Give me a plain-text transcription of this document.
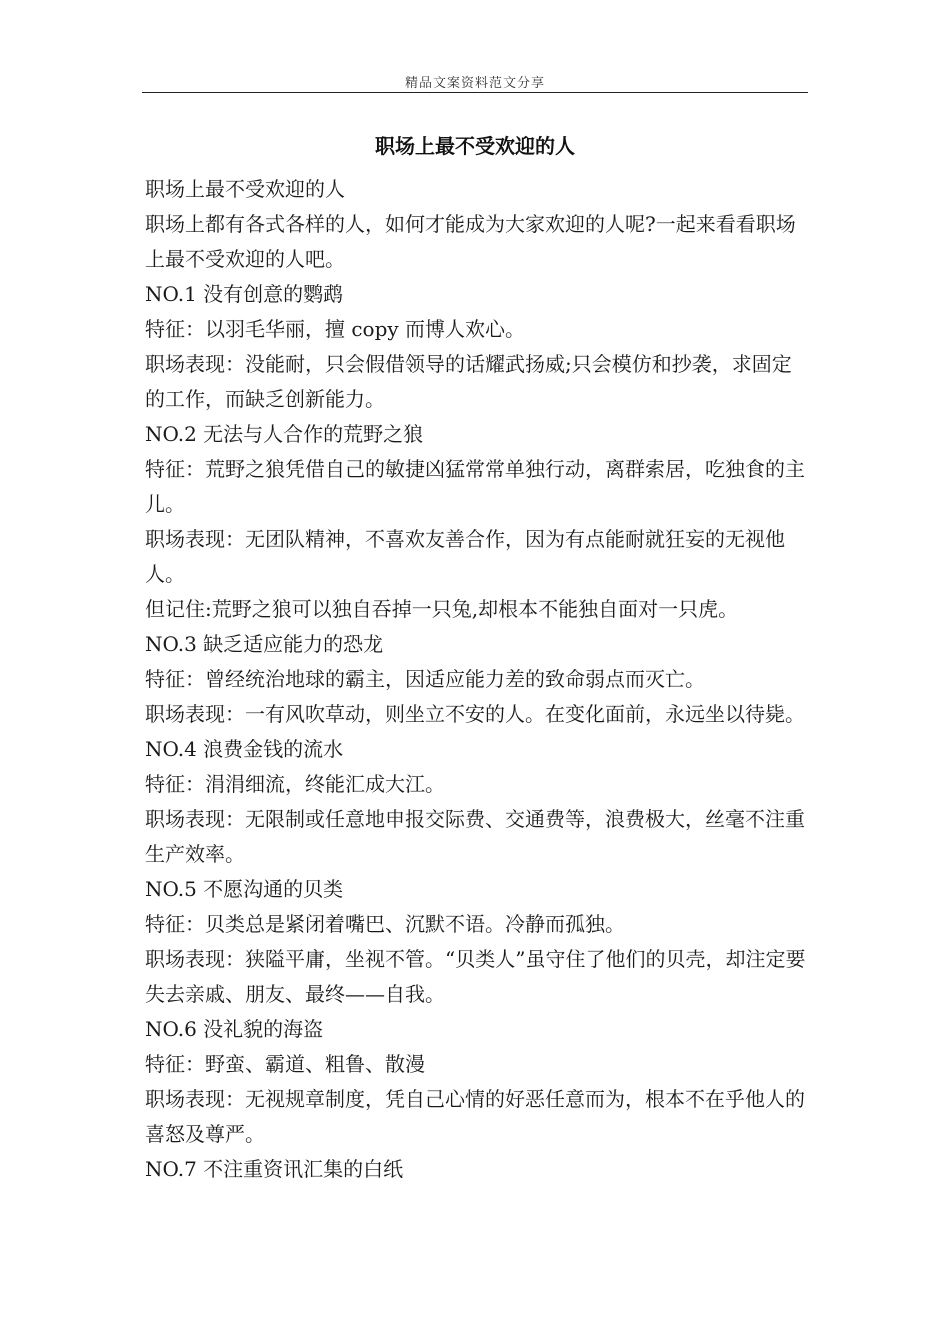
精品文案资料范文分享
职场上最不受欢迎的人

职场上最不受欢迎的人

职场上都有各式各样的人，如何才能成为大家欢迎的人呢?一起来看看职场上最不受欢迎的人吧。

NO.1 没有创意的鹦鹉

特征：以羽毛华丽，擅 copy 而博人欢心。

职场表现：没能耐，只会假借领导的话耀武扬威;只会模仿和抄袭，求固定的工作，而缺乏创新能力。

NO.2 无法与人合作的荒野之狼

特征：荒野之狼凭借自己的敏捷凶猛常常单独行动，离群索居，吃独食的主儿。

职场表现：无团队精神，不喜欢友善合作，因为有点能耐就狂妄的无视他人。

但记住:荒野之狼可以独自吞掉一只兔,却根本不能独自面对一只虎。

NO.3 缺乏适应能力的恐龙

特征：曾经统治地球的霸主，因适应能力差的致命弱点而灭亡。

职场表现：一有风吹草动，则坐立不安的人。在变化面前，永远坐以待毙。

NO.4 浪费金钱的流水

特征：涓涓细流，终能汇成大江。

职场表现：无限制或任意地申报交际费、交通费等，浪费极大，丝毫不注重生产效率。

NO.5 不愿沟通的贝类

特征：贝类总是紧闭着嘴巴、沉默不语。冷静而孤独。

职场表现：狭隘平庸，坐视不管。“贝类人”虽守住了他们的贝壳，却注定要失去亲戚、朋友、最终——自我。

NO.6 没礼貌的海盗

特征：野蛮、霸道、粗鲁、散漫

职场表现：无视规章制度，凭自己心情的好恶任意而为，根本不在乎他人的喜怒及尊严。

NO.7 不注重资讯汇集的白纸
